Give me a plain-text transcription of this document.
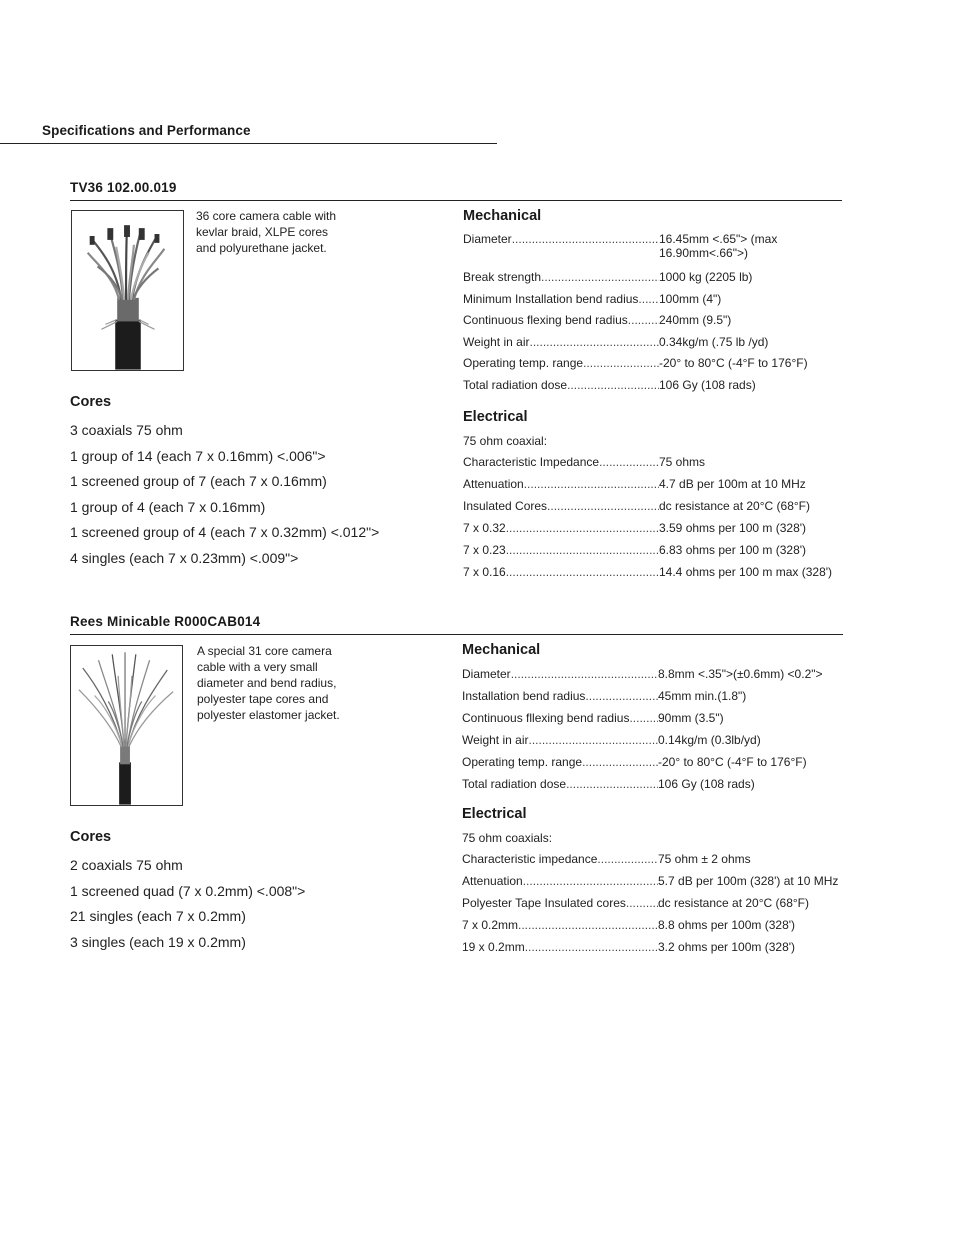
Specifications and Performance
TV36 102.00.019
36 core camera cable with
kevlar braid, XLPE cores
and polyurethane jacket.
Cores
3 coaxials 75 ohm
1 group of 14 (each 7 x 0.16mm) <.006">
1 screened group of 7 (each 7 x 0.16mm)
1 group of 4 (each 7 x 0.16mm)
1 screened group of 4 (each 7 x 0.32mm) <.012">
4 singles (each 7 x 0.23mm) <.009">
Mechanical
Diameter .....	16.45mm <.65"> (max 16.90mm<.66">)
Break strength .....	1000 kg (2205 lb)
Minimum Installation bend radius ..... 100mm (4")
Continuous flexing bend radius .....	240mm (9.5")
Weight in air .....	0.34kg/m (.75 lb /yd)
Operating temp. range .....	-20° to 80°C (-4°F to 176°F)
Total radiation dose .....	106 Gy (108 rads)
Electrical
75 ohm coaxial:
Characteristic Impedance .....	75 ohms
Attenuation .....	4.7 dB per 100m at 10 MHz
Insulated Cores .....	dc resistance at 20°C (68°F)
7 x 0.32 .....	3.59 ohms per 100 m (328')
7 x 0.23 .....	6.83 ohms per 100 m (328')
7 x 0.16 .....	14.4 ohms per 100 m max (328')
Rees Minicable R000CAB014
A special 31 core camera
cable with a very small
diameter and bend radius,
polyester tape cores and
polyester elastomer jacket.
Cores
2 coaxials 75 ohm
1 screened quad (7 x 0.2mm) <.008">
21 singles (each 7 x 0.2mm)
3 singles (each 19 x 0.2mm)
Mechanical
Diameter .....	8.8mm <.35">(±0.6mm) <0.2">
Installation bend radius .....	45mm min.(1.8")
Continuous fllexing bend radius ..... 90mm (3.5")
Weight in air .....	0.14kg/m (0.3lb/yd)
Operating temp. range .....	-20° to 80°C (-4°F to 176°F)
Total radiation dose .....	106 Gy (108 rads)
Electrical
75 ohm coaxials:
Characteristic impedance .....	75 ohm ± 2 ohms
Attenuation .....	5.7 dB per 100m (328') at 10 MHz
Polyester Tape Insulated cores .....	dc resistance at 20°C (68°F)
7 x 0.2mm .....	8.8 ohms per 100m (328')
19 x 0.2mm .....	3.2 ohms per 100m (328')
